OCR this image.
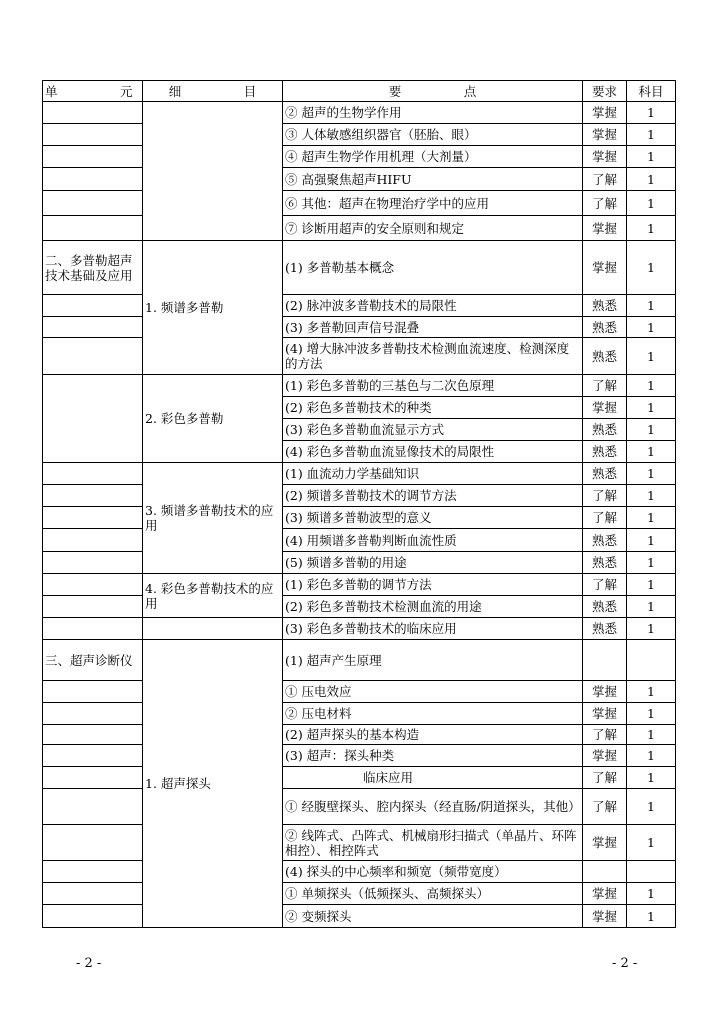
单　　　　　元	细　　　　　目	要　　　　　点	要求	科目
		② 超声的生物学作用	掌握	1
		③ 人体敏感组织器官（胚胎、眼）	掌握	1
		④ 超声生物学作用机理（大剂量）	掌握	1
		⑤ 高强聚焦超声HIFU	了解	1
		⑥ 其他：超声在物理治疗学中的应用	了解	1
		⑦ 诊断用超声的安全原则和规定	掌握	1
二、多普勒超声技术基础及应用	1. 频谱多普勒	(1) 多普勒基本概念	掌握	1
		(2) 脉冲波多普勒技术的局限性	熟悉	1
		(3) 多普勒回声信号混叠	熟悉	1
		(4) 增大脉冲波多普勒技术检测血流速度、检测深度的方法	熟悉	1
	2. 彩色多普勒	(1) 彩色多普勒的三基色与二次色原理	了解	1
		(2) 彩色多普勒技术的种类	掌握	1
		(3) 彩色多普勒血流显示方式	熟悉	1
		(4) 彩色多普勒血流显像技术的局限性	熟悉	1
	3. 频谱多普勒技术的应用	(1) 血流动力学基础知识	熟悉	1
		(2) 频谱多普勒技术的调节方法	了解	1
		(3) 频谱多普勒波型的意义	了解	1
		(4) 用频谱多普勒判断血流性质	熟悉	1
		(5) 频谱多普勒的用途	熟悉	1
	4. 彩色多普勒技术的应用	(1) 彩色多普勒的调节方法	了解	1
		(2) 彩色多普勒技术检测血流的用途	熟悉	1
		(3) 彩色多普勒技术的临床应用	熟悉	1
三、超声诊断仪	1. 超声探头	(1) 超声产生原理		
		① 压电效应	掌握	1
		② 压电材料	掌握	1
		(2) 超声探头的基本构造	了解	1
		(3) 超声：探头种类	掌握	1
		临床应用	了解	1
		① 经腹壁探头、腔内探头（经直肠/阴道探头，其他）	了解	1
		② 线阵式、凸阵式、机械扇形扫描式（单晶片、环阵相控）、相控阵式	掌握	1
		(4) 探头的中心频率和频宽（频带宽度）		
		① 单频探头（低频探头、高频探头）	掌握	1
		② 变频探头	掌握	1
- 2 -	- 2 -
